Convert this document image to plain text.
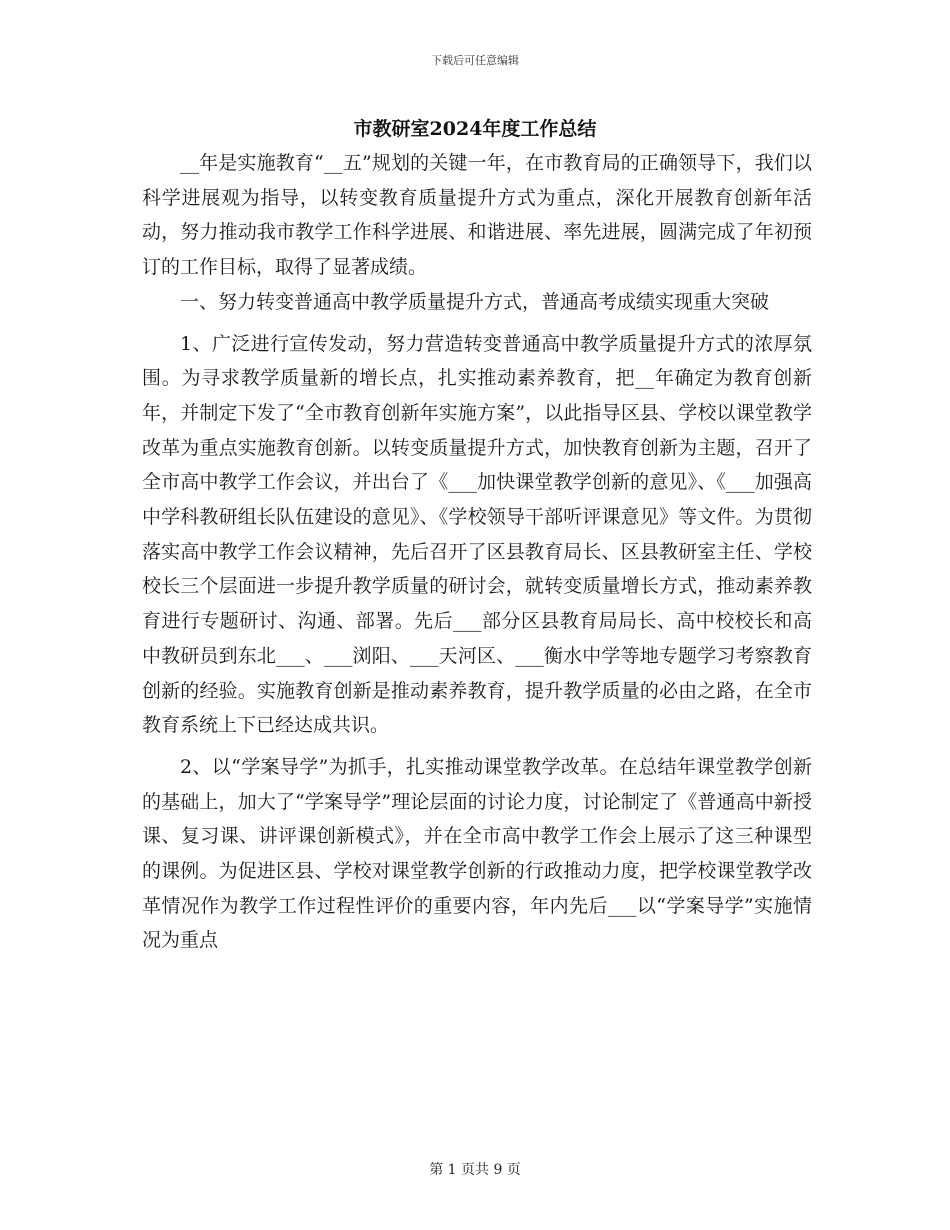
下载后可任意编辑
市教研室2024年度工作总结

__年是实施教育“__五”规划的关键一年，在市教育局的正确领导下，我们以科学进展观为指导，以转变教育质量提升方式为重点，深化开展教育创新年活动，努力推动我市教学工作科学进展、和谐进展、率先进展，圆满完成了年初预订的工作目标，取得了显著成绩。

一、努力转变普通高中教学质量提升方式，普通高考成绩实现重大突破

1、广泛进行宣传发动，努力营造转变普通高中教学质量提升方式的浓厚氛围。为寻求教学质量新的增长点，扎实推动素养教育，把__年确定为教育创新年，并制定下发了“全市教育创新年实施方案”，以此指导区县、学校以课堂教学改革为重点实施教育创新。以转变质量提升方式，加快教育创新为主题，召开了全市高中教学工作会议，并出台了《___加快课堂教学创新的意见》、《___加强高中学科教研组长队伍建设的意见》、《学校领导干部听评课意见》等文件。为贯彻落实高中教学工作会议精神，先后召开了区县教育局长、区县教研室主任、学校校长三个层面进一步提升教学质量的研讨会，就转变质量增长方式，推动素养教育进行专题研讨、沟通、部署。先后___部分区县教育局局长、高中校校长和高中教研员到东北___、___浏阳、___天河区、___衡水中学等地专题学习考察教育创新的经验。实施教育创新是推动素养教育，提升教学质量的必由之路，在全市教育系统上下已经达成共识。

2、以“学案导学”为抓手，扎实推动课堂教学改革。在总结年课堂教学创新的基础上，加大了“学案导学”理论层面的讨论力度，讨论制定了《普通高中新授课、复习课、讲评课创新模式》，并在全市高中教学工作会上展示了这三种课型的课例。为促进区县、学校对课堂教学创新的行政推动力度，把学校课堂教学改革情况作为教学工作过程性评价的重要内容，年内先后___以“学案导学”实施情况为重点

第 1 页共 9 页
